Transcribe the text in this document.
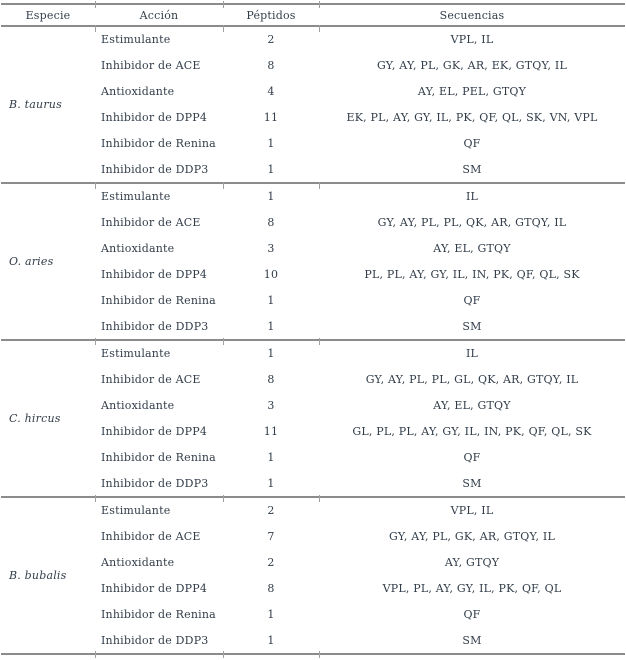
Especie	Acción	Péptidos	Secuencias
B. taurus	Estimulante	2	VPL, IL
	Inhibidor de ACE	8	GY, AY, PL, GK, AR, EK, GTQY, IL
	Antioxidante	4	AY, EL, PEL, GTQY
	Inhibidor de DPP4	11	EK, PL, AY, GY, IL, PK, QF, QL, SK, VN, VPL
	Inhibidor de Renina	1	QF
	Inhibidor de DDP3	1	SM
O. aries	Estimulante	1	IL
	Inhibidor de ACE	8	GY, AY, PL, PL, QK, AR, GTQY, IL
	Antioxidante	3	AY, EL, GTQY
	Inhibidor de DPP4	10	PL, PL, AY, GY, IL, IN, PK, QF, QL, SK
	Inhibidor de Renina	1	QF
	Inhibidor de DDP3	1	SM
C. hircus	Estimulante	1	IL
	Inhibidor de ACE	8	GY, AY, PL, PL, GL, QK, AR, GTQY, IL
	Antioxidante	3	AY, EL, GTQY
	Inhibidor de DPP4	11	GL, PL, PL, AY, GY, IL, IN, PK, QF, QL, SK
	Inhibidor de Renina	1	QF
	Inhibidor de DDP3	1	SM
B. bubalis	Estimulante	2	VPL, IL
	Inhibidor de ACE	7	GY, AY, PL, GK, AR, GTQY, IL
	Antioxidante	2	AY, GTQY
	Inhibidor de DPP4	8	VPL, PL, AY, GY, IL, PK, QF, QL
	Inhibidor de Renina	1	QF
	Inhibidor de DDP3	1	SM
